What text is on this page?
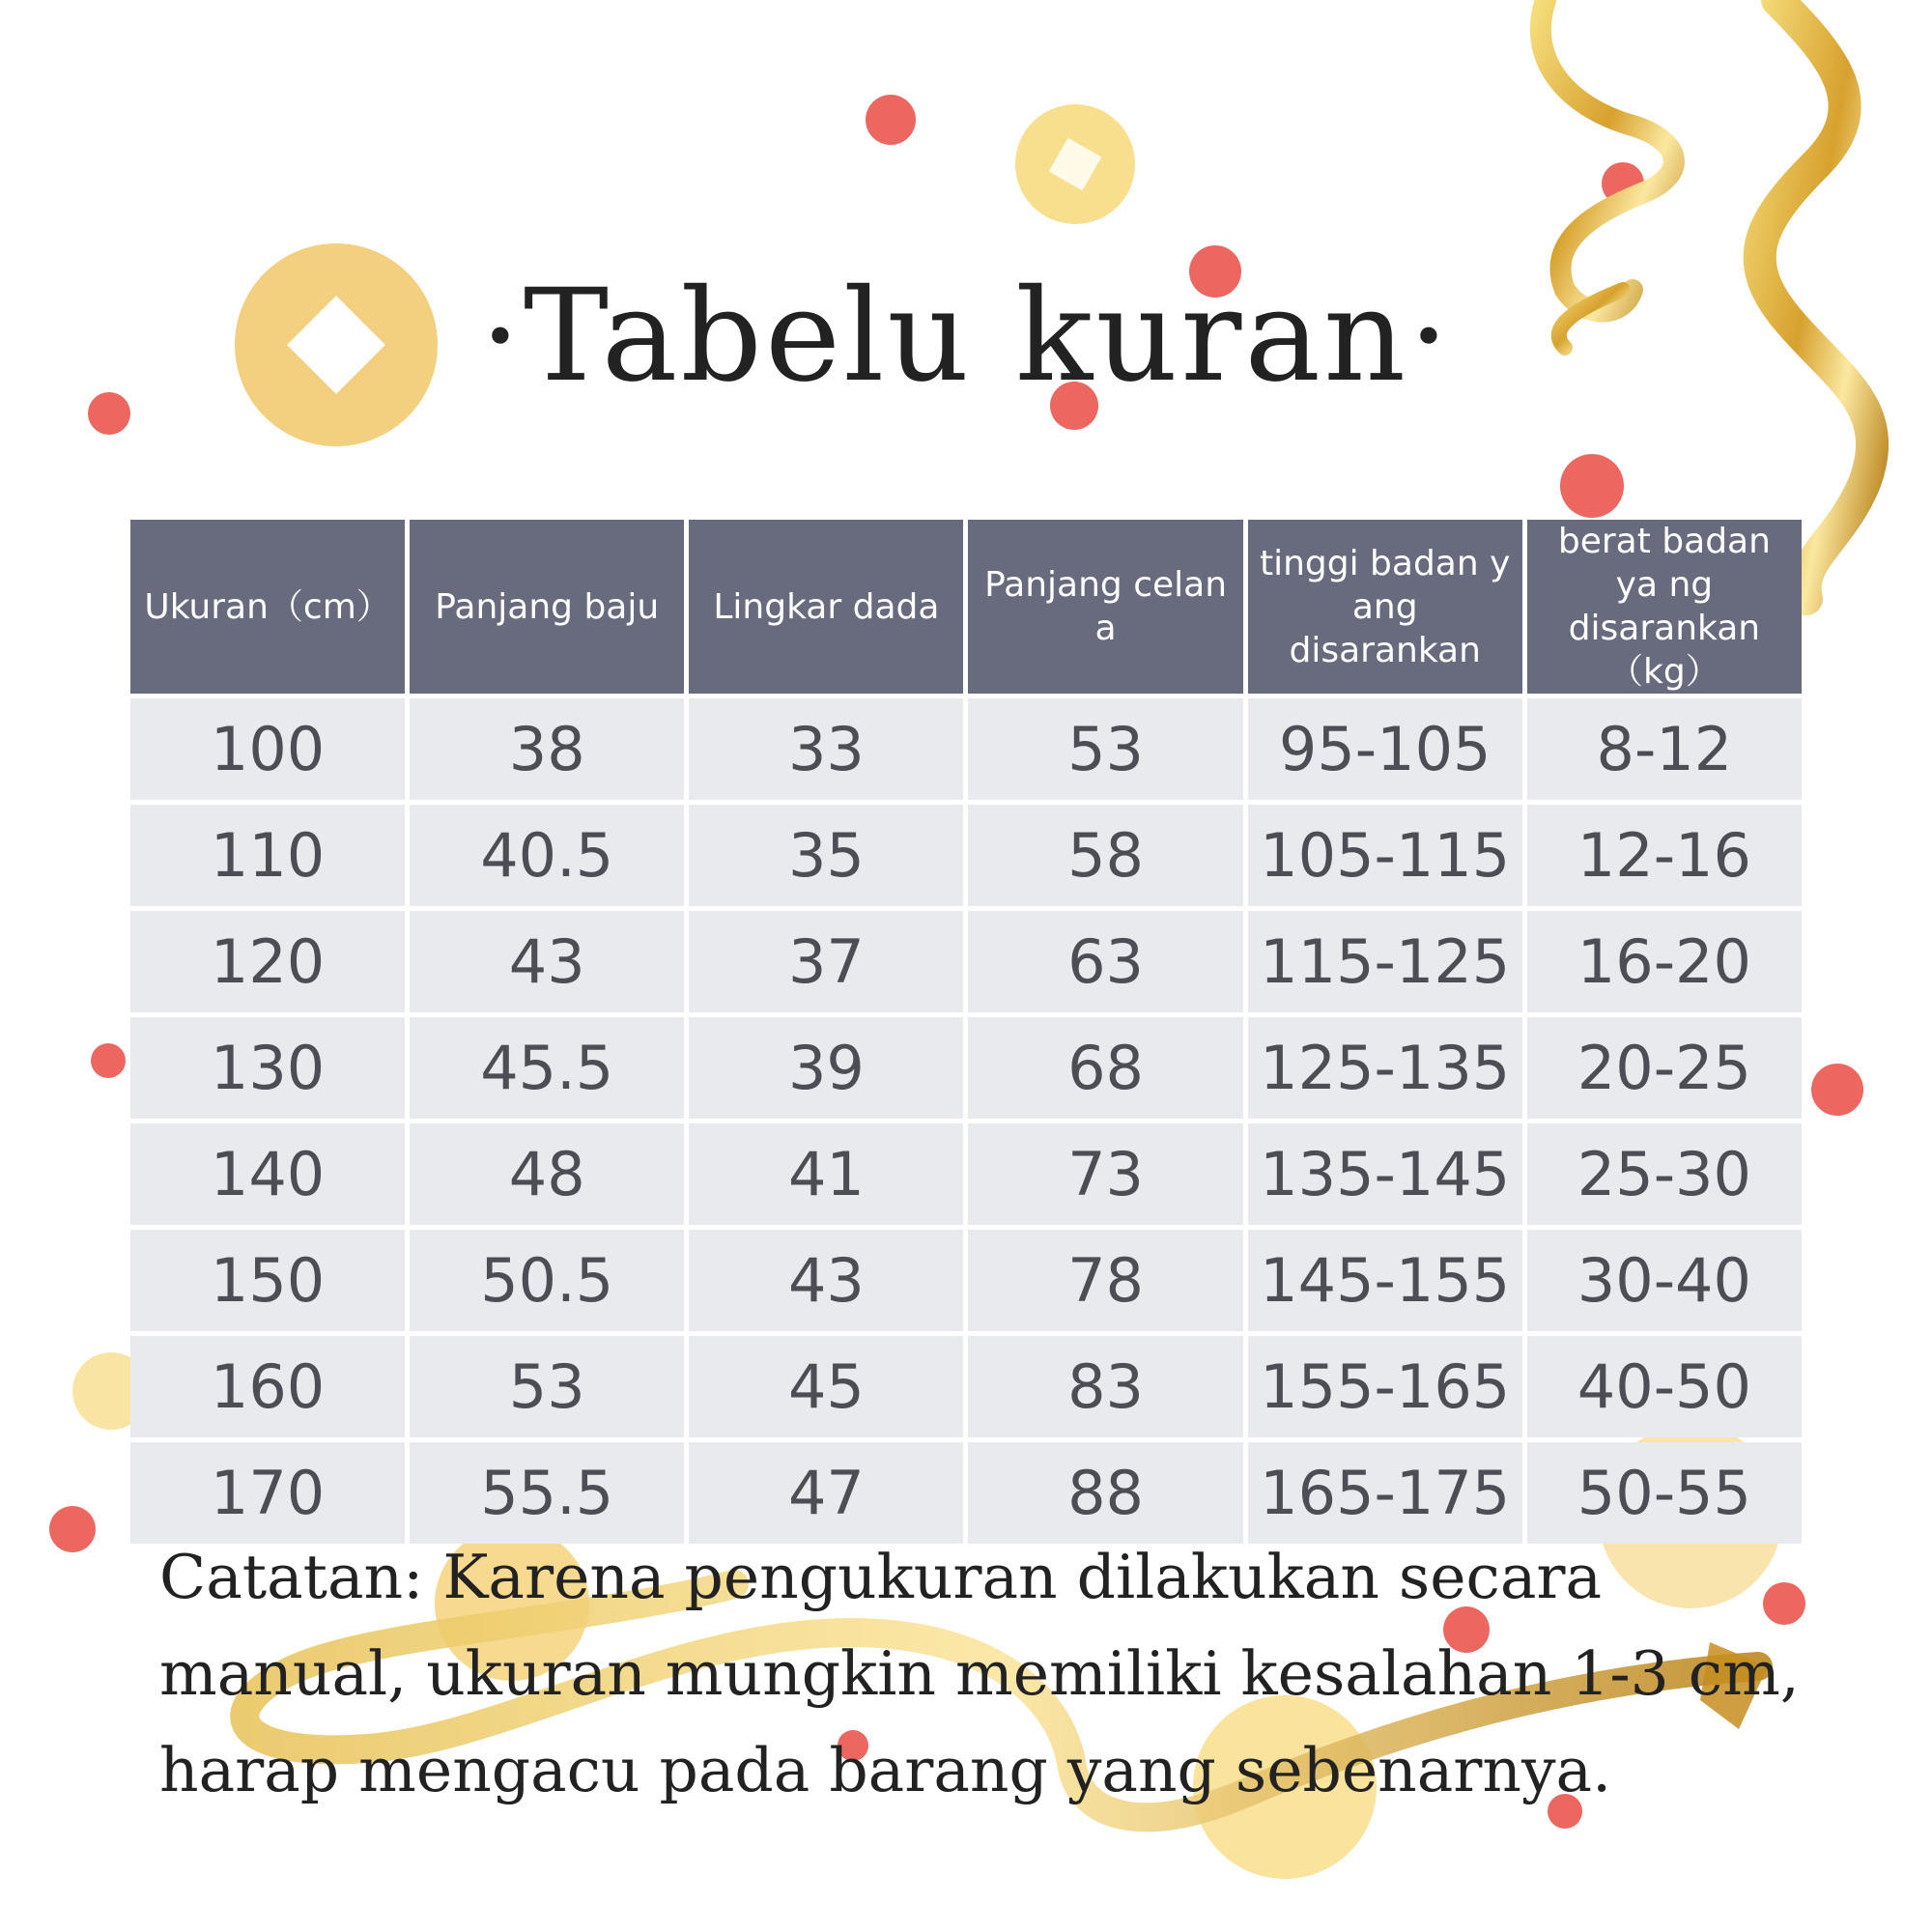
·Tabelu kuran·
Ukuran（cm）	Panjang baju	Lingkar dada	Panjang celan a	tinggi badan y ang disarankan	berat badan ya ng disarankan（kg）
100	38	33	53	95-105	8-12
110	40.5	35	58	105-115	12-16
120	43	37	63	115-125	16-20
130	45.5	39	68	125-135	20-25
140	48	41	73	135-145	25-30
150	50.5	43	78	145-155	30-40
160	53	45	83	155-165	40-50
170	55.5	47	88	165-175	50-55
Catatan: Karena pengukuran dilakukan secara manual, ukuran mungkin memiliki kesalahan 1-3 cm, harap mengacu pada barang yang sebenarnya.
